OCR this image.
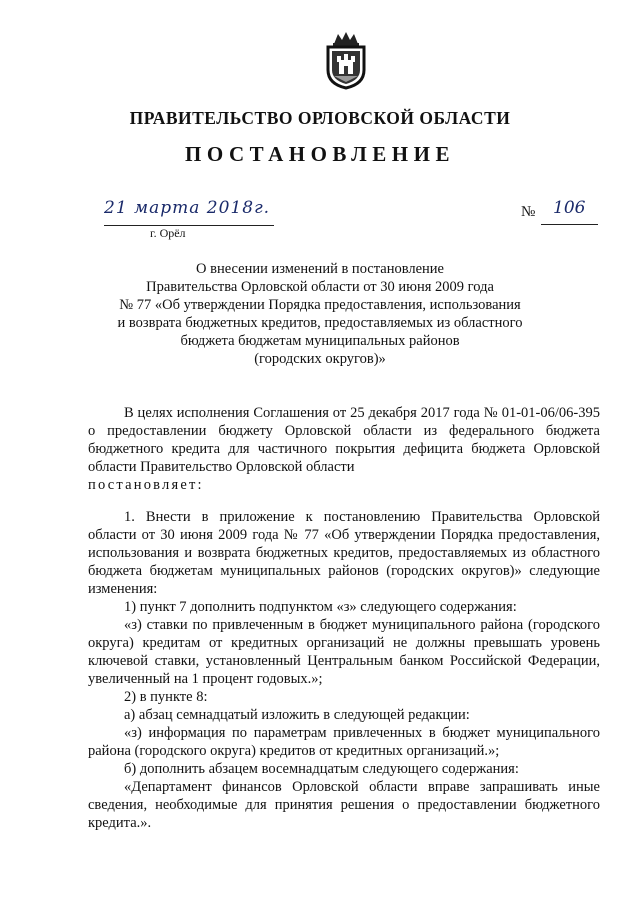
ПРАВИТЕЛЬСТВО ОРЛОВСКОЙ ОБЛАСТИ
ПОСТАНОВЛЕНИЕ
21 марта 2018г.
г. Орёл
№ 106
О внесении изменений в постановление
Правительства Орловской области от 30 июня 2009 года
№ 77 «Об утверждении Порядка предоставления, использования
и возврата бюджетных кредитов, предоставляемых из областного
бюджета бюджетам муниципальных районов
(городских округов)»
В целях исполнения Соглашения от 25 декабря 2017 года № 01-01-06/06-395 о предоставлении бюджету Орловской области из федерального бюджета бюджетного кредита для частичного покрытия дефицита бюджета Орловской области Правительство Орловской области
постановляет:
1. Внести в приложение к постановлению Правительства Орловской области от 30 июня 2009 года № 77 «Об утверждении Порядка предоставления, использования и возврата бюджетных кредитов, предоставляемых из областного бюджета бюджетам муниципальных районов (городских округов)» следующие изменения:
1) пункт 7 дополнить подпунктом «з» следующего содержания:
«з) ставки по привлеченным в бюджет муниципального района (городского округа) кредитам от кредитных организаций не должны превышать уровень ключевой ставки, установленный Центральным банком Российской Федерации, увеличенный на 1 процент годовых.»;
2) в пункте 8:
а) абзац семнадцатый изложить в следующей редакции:
«з) информация по параметрам привлеченных в бюджет муниципального района (городского округа) кредитов от кредитных организаций.»;
б) дополнить абзацем восемнадцатым следующего содержания:
«Департамент финансов Орловской области вправе запрашивать иные сведения, необходимые для принятия решения о предоставлении бюджетного кредита.».
